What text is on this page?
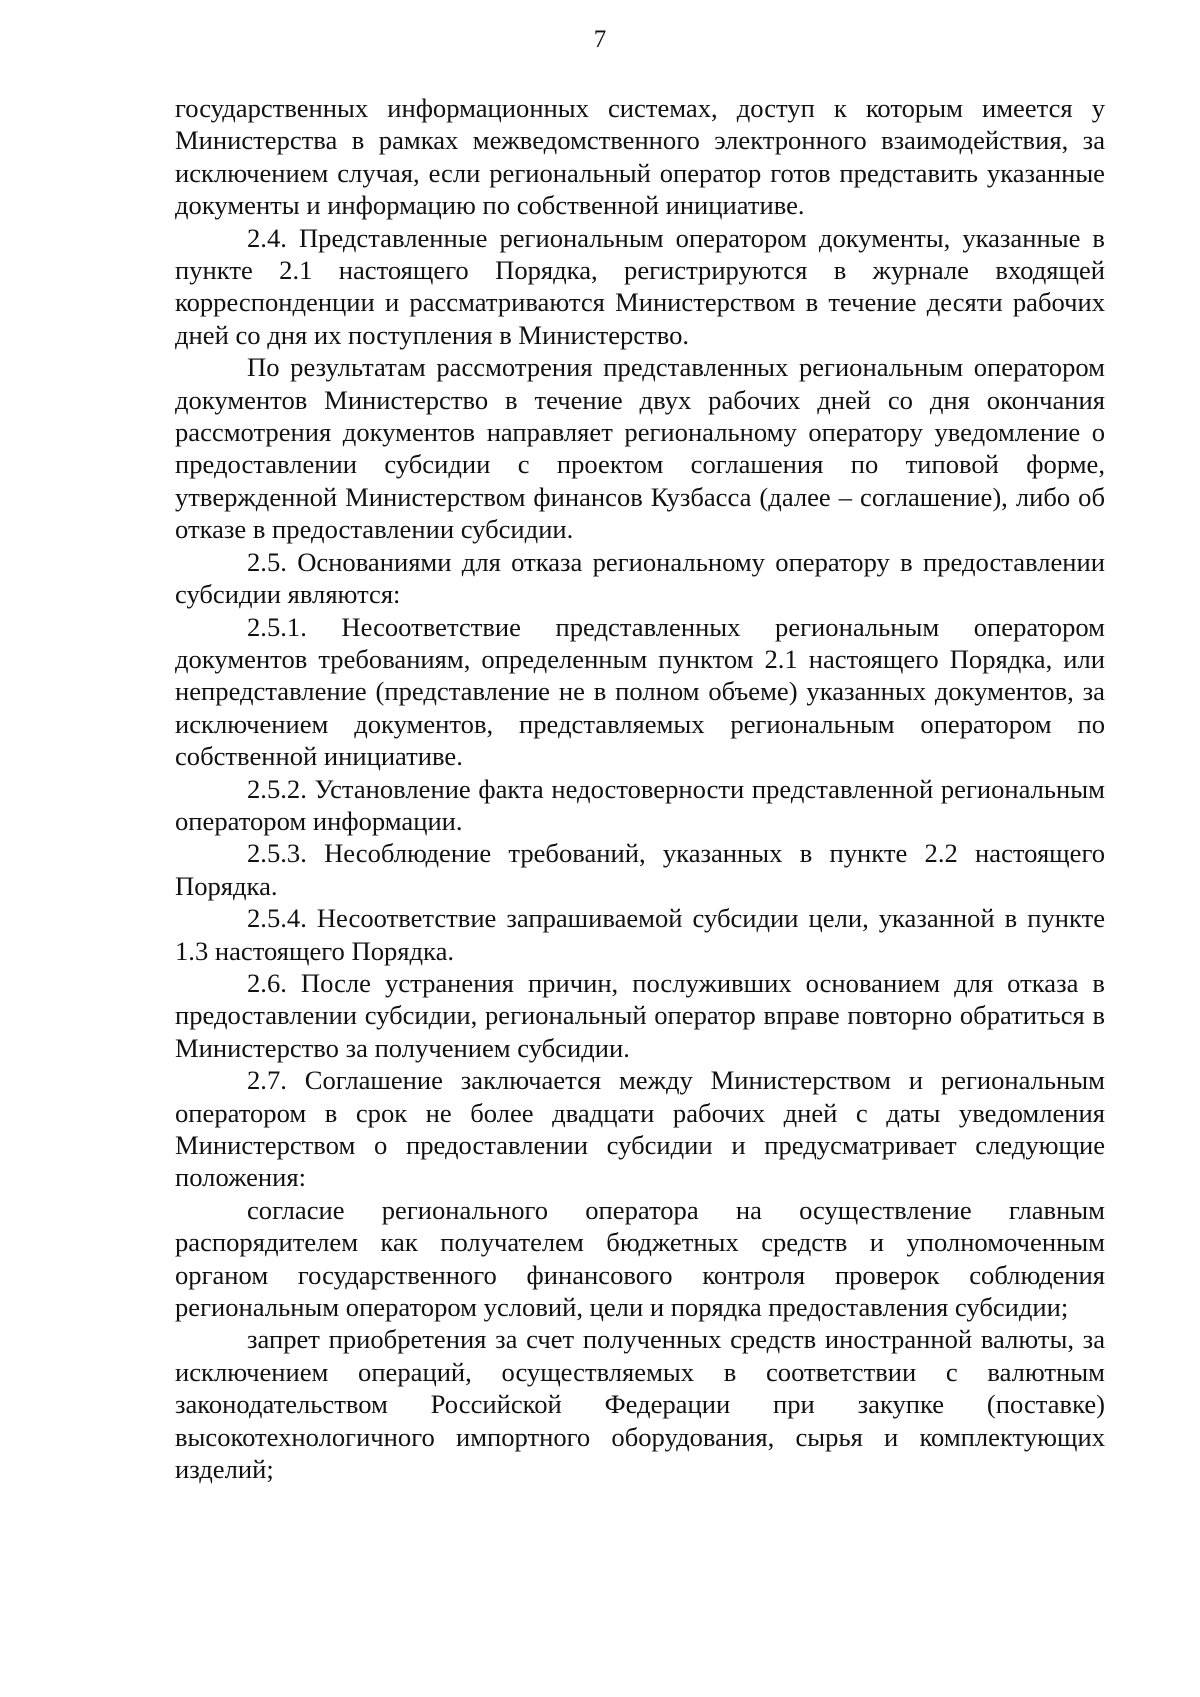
7

государственных информационных системах, доступ к которым имеется у Министерства в рамках межведомственного электронного взаимодействия, за исключением случая, если региональный оператор готов представить указанные документы и информацию по собственной инициативе.

2.4. Представленные региональным оператором документы, указанные в пункте 2.1 настоящего Порядка, регистрируются в журнале входящей корреспонденции и рассматриваются Министерством в течение десяти рабочих дней со дня их поступления в Министерство.

По результатам рассмотрения представленных региональным оператором документов Министерство в течение двух рабочих дней со дня окончания рассмотрения документов направляет региональному оператору уведомление о предоставлении субсидии с проектом соглашения по типовой форме, утвержденной Министерством финансов Кузбасса (далее – соглашение), либо об отказе в предоставлении субсидии.

2.5. Основаниями для отказа региональному оператору в предоставлении субсидии являются:

2.5.1. Несоответствие представленных региональным оператором документов требованиям, определенным пунктом 2.1 настоящего Порядка, или непредставление (представление не в полном объеме) указанных документов, за исключением документов, представляемых региональным оператором по собственной инициативе.

2.5.2. Установление факта недостоверности представленной региональным оператором информации.

2.5.3. Несоблюдение требований, указанных в пункте 2.2 настоящего Порядка.

2.5.4. Несоответствие запрашиваемой субсидии цели, указанной в пункте 1.3 настоящего Порядка.

2.6. После устранения причин, послуживших основанием для отказа в предоставлении субсидии, региональный оператор вправе повторно обратиться в Министерство за получением субсидии.

2.7. Соглашение заключается между Министерством и региональным оператором в срок не более двадцати рабочих дней с даты уведомления Министерством о предоставлении субсидии и предусматривает следующие положения:

согласие регионального оператора на осуществление главным распорядителем как получателем бюджетных средств и уполномоченным органом государственного финансового контроля проверок соблюдения региональным оператором условий, цели и порядка предоставления субсидии;

запрет приобретения за счет полученных средств иностранной валюты, за исключением операций, осуществляемых в соответствии с валютным законодательством Российской Федерации при закупке (поставке) высокотехнологичного импортного оборудования, сырья и комплектующих изделий;
